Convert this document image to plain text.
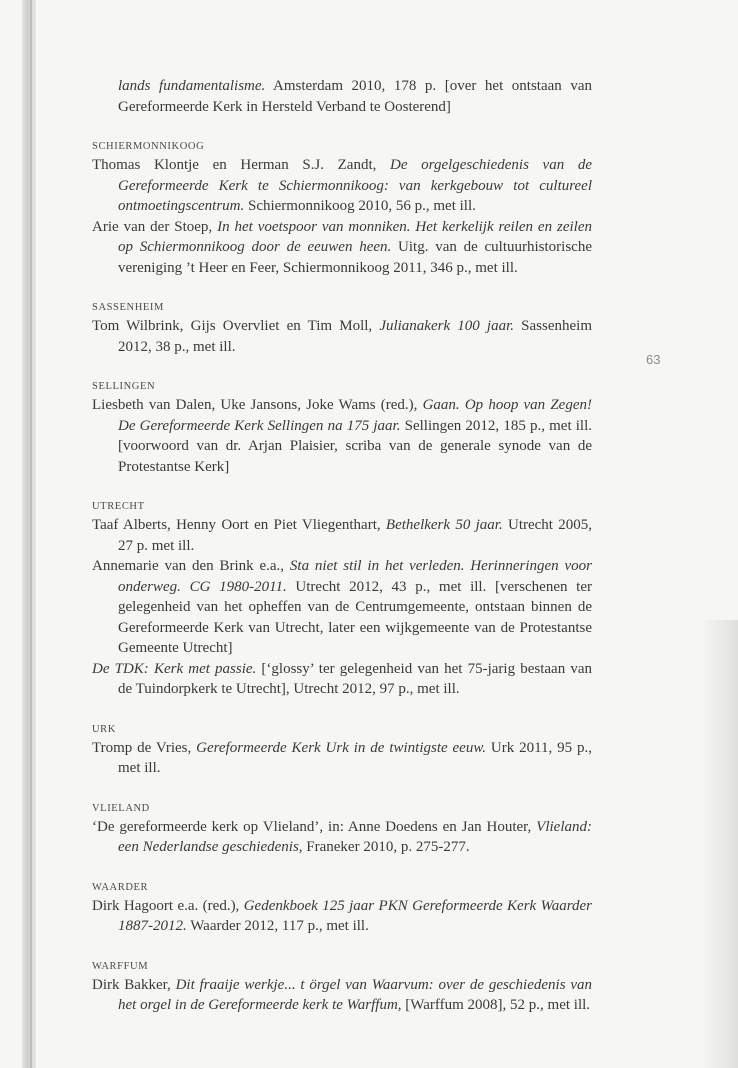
63
lands fundamentalisme. Amsterdam 2010, 178 p. [over het ontstaan van Gereformeerde Kerk in Hersteld Verband te Oosterend]
SCHIERMONNIKOOG
Thomas Klontje en Herman S.J. Zandt, De orgelgeschiedenis van de Gereformeerde Kerk te Schiermonnikoog: van kerkgebouw tot cultureel ontmoetingscentrum. Schiermonnikoog 2010, 56 p., met ill.
Arie van der Stoep, In het voetspoor van monniken. Het kerkelijk reilen en zeilen op Schiermonnikoog door de eeuwen heen. Uitg. van de cultuurhistorische vereniging ’t Heer en Feer, Schiermonnikoog 2011, 346 p., met ill.
SASSENHEIM
Tom Wilbrink, Gijs Overvliet en Tim Moll, Julianakerk 100 jaar. Sassenheim 2012, 38 p., met ill.
SELLINGEN
Liesbeth van Dalen, Uke Jansons, Joke Wams (red.), Gaan. Op hoop van Zegen! De Gereformeerde Kerk Sellingen na 175 jaar. Sellingen 2012, 185 p., met ill. [voorwoord van dr. Arjan Plaisier, scriba van de generale synode van de Protestantse Kerk]
UTRECHT
Taaf Alberts, Henny Oort en Piet Vliegenthart, Bethelkerk 50 jaar. Utrecht 2005, 27 p. met ill.
Annemarie van den Brink e.a., Sta niet stil in het verleden. Herinneringen voor onderweg. CG 1980-2011. Utrecht 2012, 43 p., met ill. [verschenen ter gelegenheid van het opheffen van de Centrumgemeente, ontstaan binnen de Gereformeerde Kerk van Utrecht, later een wijkgemeente van de Protestantse Gemeente Utrecht]
De TDK: Kerk met passie. [‘glossy’ ter gelegenheid van het 75-jarig bestaan van de Tuindorpkerk te Utrecht], Utrecht 2012, 97 p., met ill.
URK
Tromp de Vries, Gereformeerde Kerk Urk in de twintigste eeuw. Urk 2011, 95 p., met ill.
VLIELAND
‘De gereformeerde kerk op Vlieland’, in: Anne Doedens en Jan Houter, Vlieland: een Nederlandse geschiedenis, Franeker 2010, p. 275-277.
WAARDER
Dirk Hagoort e.a. (red.), Gedenkboek 125 jaar PKN Gereformeerde Kerk Waarder 1887-2012. Waarder 2012, 117 p., met ill.
WARFFUM
Dirk Bakker, Dit fraaije werkje... t örgel van Waarvum: over de geschiedenis van het orgel in de Gereformeerde kerk te Warffum, [Warffum 2008], 52 p., met ill.
